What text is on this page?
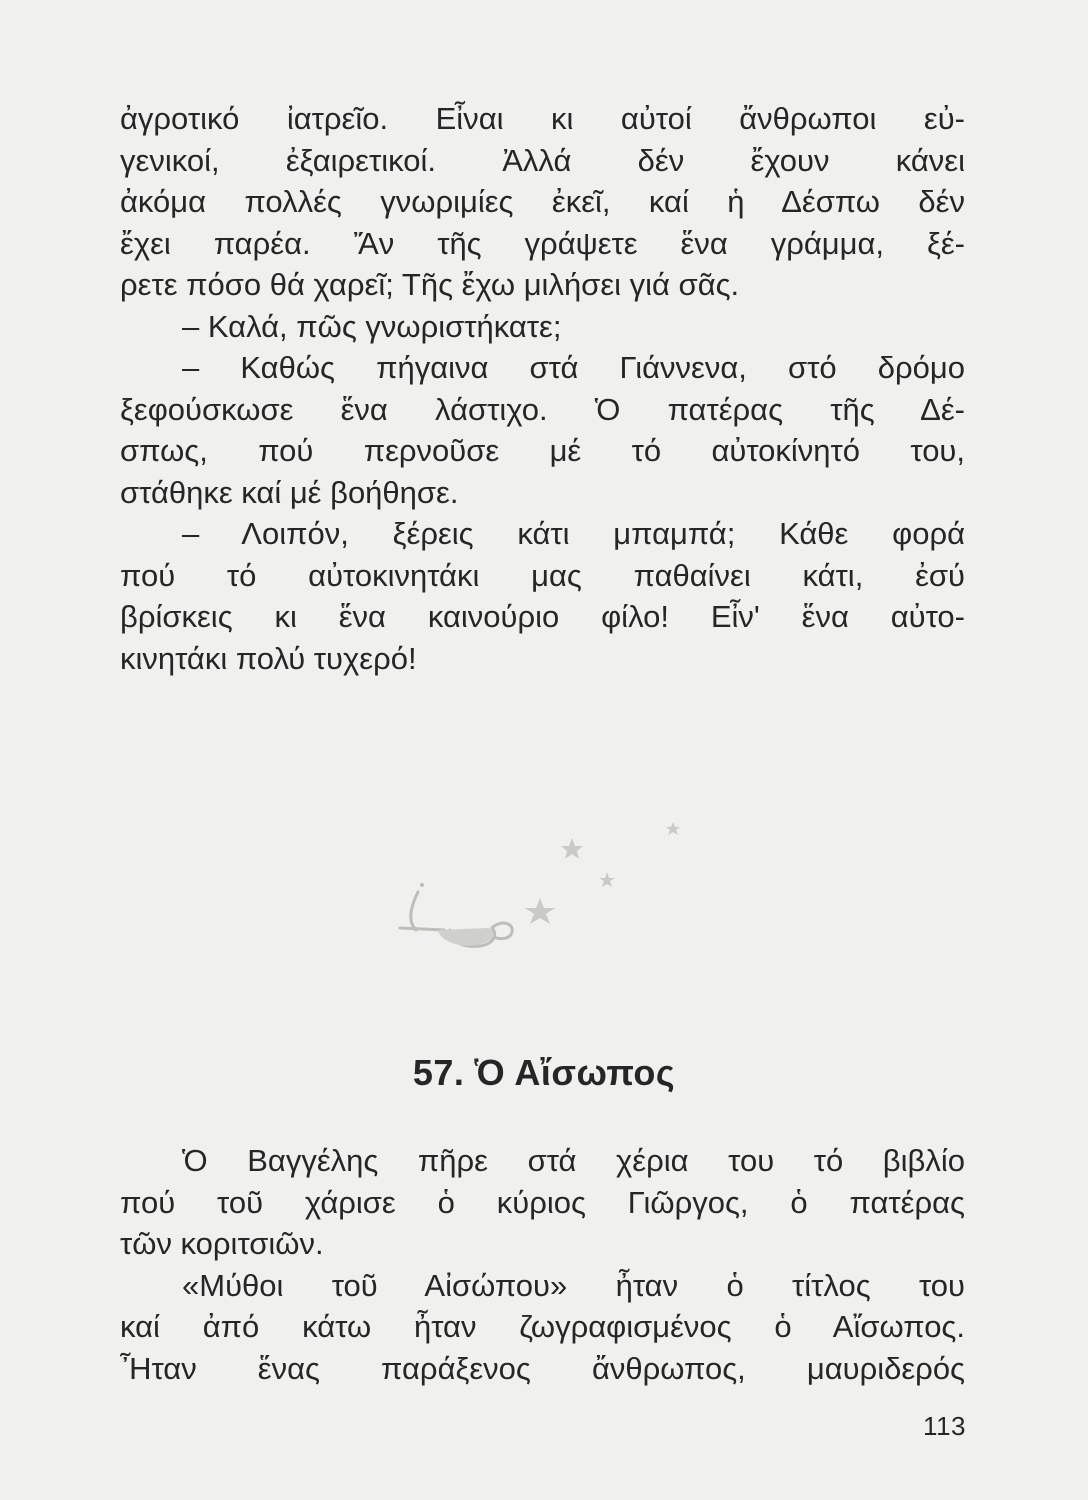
ἀγροτικό ἰατρεῖο. Εἶναι κι αὐτοί ἄνθρωποι εὐ-
γενικοί, ἐξαιρετικοί. Ἀλλά δέν ἔχουν κάνει
ἀκόμα πολλές γνωριμίες ἐκεῖ, καί ἡ Δέσπω δέν
ἔχει παρέα. Ἄν τῆς γράψετε ἕνα γράμμα, ξέ-
ρετε πόσο θά χαρεῖ; Τῆς ἔχω μιλήσει γιά σᾶς.
– Καλά, πῶς γνωριστήκατε;
– Καθώς πήγαινα στά Γιάννενα, στό δρόμο
ξεφούσκωσε ἕνα λάστιχο. Ὁ πατέρας τῆς Δέ-
σπως, πού περνοῦσε μέ τό αὐτοκίνητό του,
στάθηκε καί μέ βοήθησε.
– Λοιπόν, ξέρεις κάτι μπαμπά; Κάθε φορά
πού τό αὐτοκινητάκι μας παθαίνει κάτι, ἐσύ
βρίσκεις κι ἕνα καινούριο φίλο! Εἶν' ἕνα αὐτο-
κινητάκι πολύ τυχερό!
57. Ὁ Αἴσωπος
Ὁ Βαγγέλης πῆρε στά χέρια του τό βιβλίο
πού τοῦ χάρισε ὁ κύριος Γιῶργος, ὁ πατέρας
τῶν κοριτσιῶν.
«Μύθοι τοῦ Αἰσώπου» ἦταν ὁ τίτλος του
καί ἀπό κάτω ἦταν ζωγραφισμένος ὁ Αἴσωπος.
Ἦταν ἕνας παράξενος ἄνθρωπος, μαυριδερός
113
